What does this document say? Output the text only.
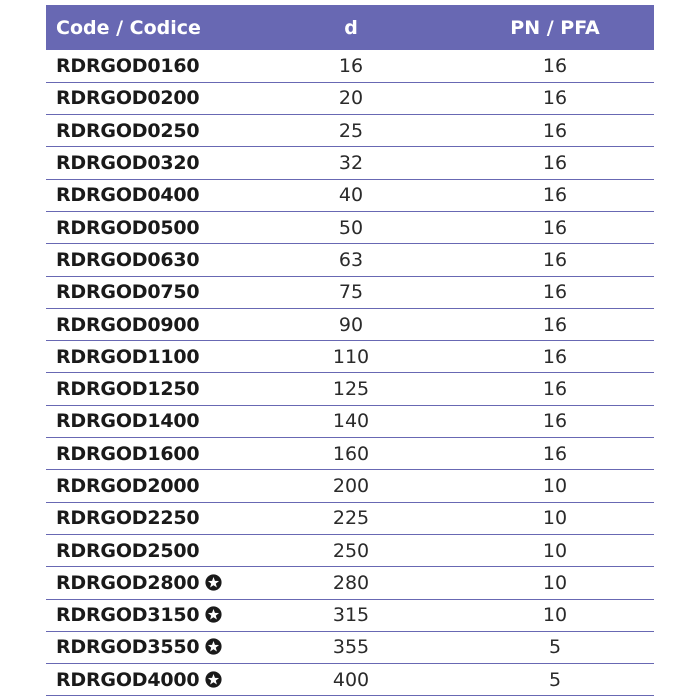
Code / Codice	d	PN / PFA
RDRGOD0160	16	16
RDRGOD0200	20	16
RDRGOD0250	25	16
RDRGOD0320	32	16
RDRGOD0400	40	16
RDRGOD0500	50	16
RDRGOD0630	63	16
RDRGOD0750	75	16
RDRGOD0900	90	16
RDRGOD1100	110	16
RDRGOD1250	125	16
RDRGOD1400	140	16
RDRGOD1600	160	16
RDRGOD2000	200	10
RDRGOD2250	225	10
RDRGOD2500	250	10
RDRGOD2800	280	10
RDRGOD3150	315	10
RDRGOD3550	355	5
RDRGOD4000	400	5
